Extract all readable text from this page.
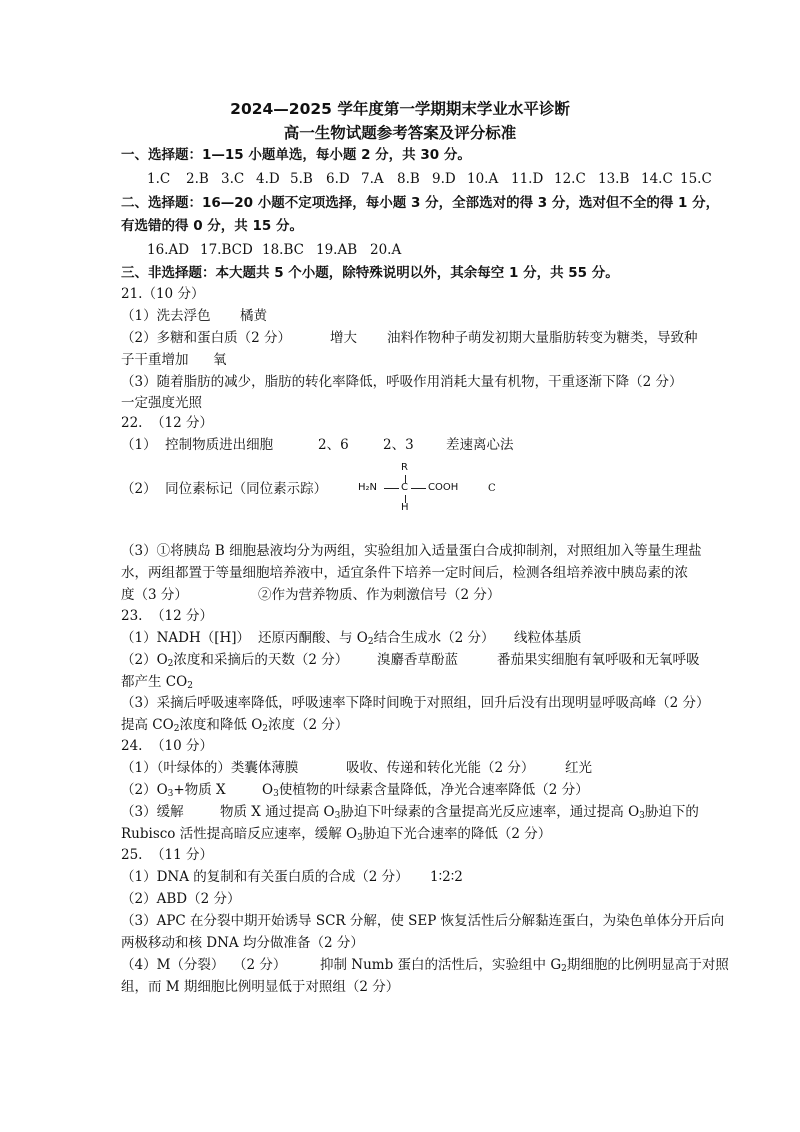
2024—2025 学年度第一学期期末学业水平诊断
高一生物试题参考答案及评分标准
一、选择题：1—15 小题单选，每小题 2 分，共 30 分。
1.C 2.B 3.C 4.D 5.B 6.D 7.A 8.B 9.D 10.A 11.D 12.C 13.B 14.C 15.C
二、选择题：16—20 小题不定项选择，每小题 3 分，全部选对的得 3 分，选对但不全的得 1 分，
有选错的得 0 分，共 15 分。
16.AD 17.BCD 18.BC 19.AB 20.A
三、非选择题：本大题共 5 个小题，除特殊说明以外，其余每空 1 分，共 55 分。
21.（10 分）
（1）洗去浮色 橘黄
（2）多糖和蛋白质（2 分）	增大 油料作物种子萌发初期大量脂肪转变为糖类，导致种
子干重增加 氧
（3）随着脂肪的减少，脂肪的转化率降低，呼吸作用消耗大量有机物，干重逐渐下降（2 分）
一定强度光照
22.  （12 分）
（1）  控制物质进出细胞	2、6	2、3 差速离心法
（2）  同位素标记（同位素示踪）
R
H₂N C COOH
H
C
（3）①将胰岛 B 细胞悬液均分为两组，实验组加入适量蛋白合成抑制剂，对照组加入等量生理盐
水，两组都置于等量细胞培养液中，适宜条件下培养一定时间后，检测各组培养液中胰岛素的浓
度（3 分）	②作为营养物质、作为刺激信号（2 分）
23.  （12 分）
（1）NADH（[H]） 还原丙酮酸、与 $O_2$结合生成水（2 分） 线粒体基质
$(2)O_2$浓度和采摘后的天数（2 分） 溴麝香草酚蓝	番茄果实细胞有氧呼吸和无氧呼吸
都产生 $CO_2$
（3）采摘后呼吸速率降低，呼吸速率下降时间晚于对照组，回升后没有出现明显呼吸高峰（2 分）
提高 $CO_2$浓度和降低 $O_2$浓度（2 分）
24.  （10 分）
（1）（叶绿体的）类囊体薄膜	吸收、传递和转化光能（2 分） 红光
$(2)O_3+$物质 X	$O_3$使植物的叶绿素含量降低，净光合速率降低（2 分）
（3）缓解	物质 X 通过提高 $O_3$胁迫下叶绿素的含量提高光反应速率，通过提高 $O_3$胁迫下的
Rubisco 活性提高暗反应速率，缓解 $O_3$胁迫下光合速率的降低（2 分）
25.  （11 分）
（1）DNA 的复制和有关蛋白质的合成（2 分） 1∶2∶2
（2）ABD（2 分）
（3）APC 在分裂中期开始诱导 SCR 分解，使 SEP 恢复活性后分解黏连蛋白，为染色单体分开后向
两极移动和核 DNA 均分做准备（2 分）
（4）M（分裂）  （2 分） 抑制 Numb 蛋白的活性后，实验组中 $G_2$期细胞的比例明显高于对照
组，而 M 期细胞比例明显低于对照组（2 分）
